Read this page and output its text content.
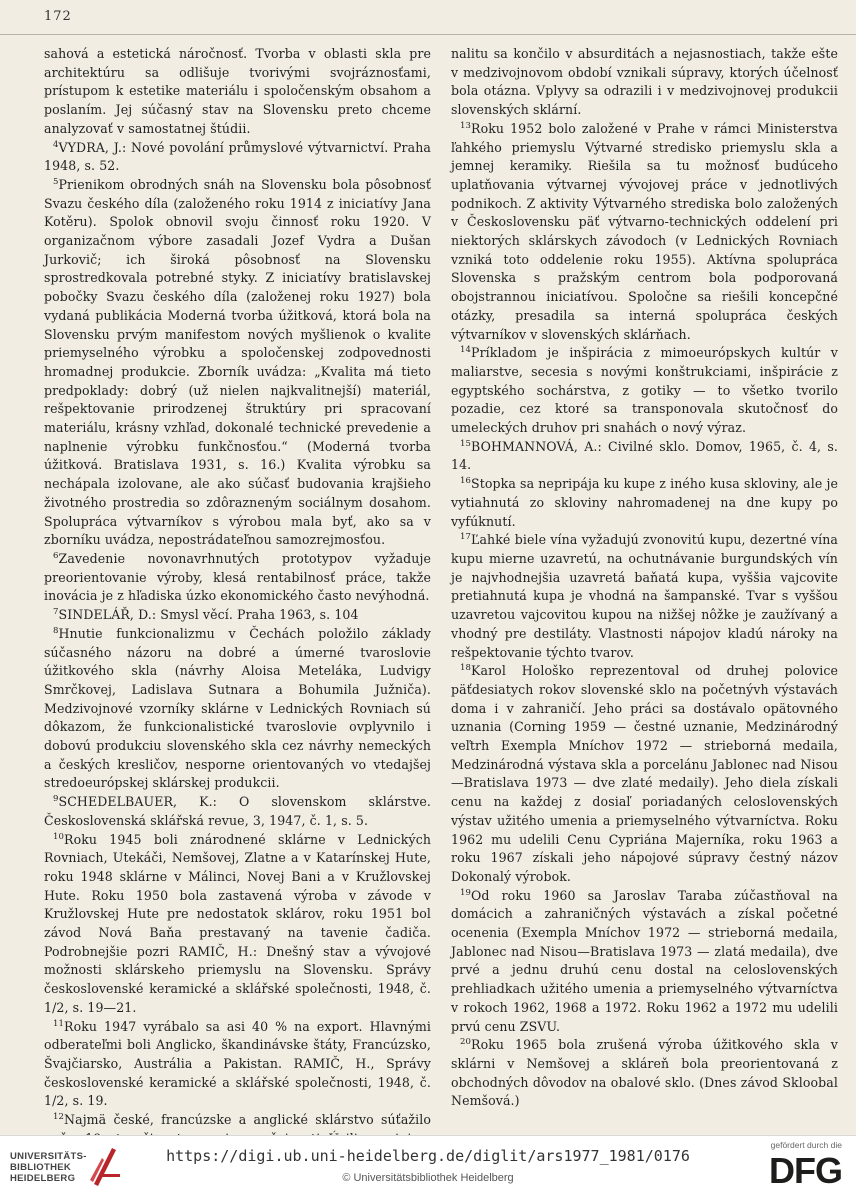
172

sahová a estetická náročnosť. Tvorba v oblasti skla pre architektúru sa odlišuje tvorivými svojráznosťami, prístupom k estetike materiálu i spoločenským obsahom a poslaním. Jej súčasný stav na Slovensku preto chceme analyzovať v samostatnej štúdii.

$^4$VYDRA, J.: Nové povolání průmyslové výtvarnictví. Praha 1948, s. 52.

$^5$Prienikom obrodných snáh na Slovensku bola pôsobnosť Svazu českého díla (založeného roku 1914 z iniciatívy Jana Kotěru). Spolok obnovil svoju činnosť roku 1920. V organizačnom výbore zasadali Jozef Vydra a Dušan Jurkovič; ich široká pôsobnosť na Slovensku sprostredkovala potrebné styky. Z iniciatívy bratislavskej pobočky Svazu českého díla (založenej roku 1927) bola vydaná publikácia Moderná tvorba úžitková, ktorá bola na Slovensku prvým manifestom nových myšlienok o kvalite priemyselného výrobku a spoločenskej zodpovednosti hromadnej produkcie. Zborník uvádza: „Kvalita má tieto predpoklady: dobrý (už nielen najkvalitnejší) materiál, rešpektovanie prirodzenej štruktúry pri spracovaní materiálu, krásny vzhľad, dokonalé technické prevedenie a naplnenie výrobku funkčnosťou.“ (Moderná tvorba úžitková. Bratislava 1931, s. 16.) Kvalita výrobku sa nechápala izolovane, ale ako súčasť budovania krajšieho životného prostredia so zdôrazneným sociálnym dosahom. Spolupráca výtvarníkov s výrobou mala byť, ako sa v zborníku uvádza, nepostrádateľnou samozrejmosťou.

$^6$Zavedenie novonavrhnutých prototypov vyžaduje preorientovanie výroby, klesá rentabilnosť práce, takže inovácia je z hľadiska úzko ekonomického často nevýhodná.

$^7$SINDELÁŘ, D.: Smysl věcí. Praha 1963, s. 104

$^8$Hnutie funkcionalizmu v Čechách položilo základy súčasného názoru na dobré a úmerné tvaroslovie úžitkového skla (návrhy Aloisa Meteláka, Ludvigy Smrčkovej, Ladislava Sutnara a Bohumila Južniča). Medzivojnové vzorníky sklárne v Lednických Rovniach sú dôkazom, že funkcionalistické tvaroslovie ovplyvnilo i dobovú produkciu slovenského skla cez návrhy nemeckých a českých kresličov, nesporne orientovaných vo vtedajšej stredoeurópskej sklárskej produkcii.

$^9$SCHEDELBAUER, K.: O slovenskom sklárstve. Československá sklářská revue, 3, 1947, č. 1, s. 5.

$^{10}$Roku 1945 boli znárodnené sklárne v Lednických Rovniach, Utekáči, Nemšovej, Zlatne a v Katarínskej Hute, roku 1948 sklárne v Málinci, Novej Bani a v Kružlovskej Hute. Roku 1950 bola zastavená výroba v závode v Kružlovskej Hute pre nedostatok sklárov, roku 1951 bol závod Nová Baňa prestavaný na tavenie čadiča. Podrobnejšie pozri RAMIČ, H.: Dnešný stav a vývojové možnosti sklárskeho priemyslu na Slovensku. Správy československé keramické a sklářské společnosti, 1948, č. 1/2, s. 19—21.

$^{11}$Roku 1947 vyrábalo sa asi 40 % na export. Hlavnými odberateľmi boli Anglicko, škandinávske štáty, Francúzsko, Švajčiarsko, Austrália a Pakistan. RAMIČ, H., Správy československé keramické a sklářské společnosti, 1948, č. 1/2, s. 19.

$^{12}$Najmä české, francúzske a anglické sklárstvo súťažilo

nalitu sa končilo v absurditách a nejasnostiach, takže ešte v medzivojnovom období vznikali súpravy, ktorých účelnosť bola otázna. Vplyvy sa odrazili i v medzivojnovej produkcii slovenských sklární.

$^{13}$Roku 1952 bolo založené v Prahe v rámci Ministerstva ľahkého priemyslu Výtvarné stredisko priemyslu skla a jemnej keramiky. Riešila sa tu možnosť budúceho uplatňovania výtvarnej vývojovej práce v jednotlivých podnikoch. Z aktivity Výtvarného strediska bolo založených v Československu päť výtvarno-technických oddelení pri niektorých sklárskych závodoch (v Lednických Rovniach vzniká toto oddelenie roku 1955). Aktívna spolupráca Slovenska s pražským centrom bola podporovaná obojstrannou iniciatívou. Spoločne sa riešili koncepčné otázky, presadila sa interná spolupráca českých výtvarníkov v slovenských sklárňach.

$^{14}$Príkladom je inšpirácia z mimoeurópskych kultúr v maliarstve, secesia s novými konštrukciami, inšpirácie z egyptského sochárstva, z gotiky — to všetko tvorilo pozadie, cez ktoré sa transponovala skutočnosť do umeleckých druhov pri snahách o nový výraz.

$^{15}$BOHMANNOVÁ, A.: Civilné sklo. Domov, 1965, č. 4, s. 14.

$^{16}$Stopka sa nepripája ku kupe z iného kusa skloviny, ale je vytiahnutá zo skloviny nahromadenej na dne kupy po vyfúknutí.

$^{17}$Ľahké biele vína vyžadujú zvonovitú kupu, dezertné vína kupu mierne uzavretú, na ochutnávanie burgundských vín je najvhodnejšia uzavretá baňatá kupa, vyššia vajcovite pretiahnutá kupa je vhodná na šampanské. Tvar s vyššou uzavretou vajcovitou kupou na nižšej nôžke je zaužívaný a vhodný pre destiláty. Vlastnosti nápojov kladú nároky na rešpektovanie týchto tvarov.

$^{18}$Karol Hološko reprezentoval od druhej polovice päťdesiatych rokov slovenské sklo na početnývh výstavách doma i v zahraničí. Jeho práci sa dostávalo opätovného uznania (Corning 1959 — čestné uznanie, Medzinárodný veľtrh Exempla Mníchov 1972 — strieborná medaila, Medzinárodná výstava skla a porcelánu Jablonec nad Nisou—Bratislava 1973 — dve zlaté medaily). Jeho diela získali cenu na každej z dosiaľ poriadaných celoslovenských výstav užitého umenia a priemyselného výtvarníctva. Roku 1962 mu udelili Cenu Cypriána Majerníka, roku 1963 a roku 1967 získali jeho nápojové súpravy čestný názov Dokonalý výrobok.

$^{19}$Od roku 1960 sa Jaroslav Taraba zúčastňoval na domácich a zahraničných výstavách a získal početné ocenenia (Exempla Mníchov 1972 — strieborná medaila, Jablonec nad Nisou—Bratislava 1973 — zlatá medaila), dve prvé a jednu druhú cenu dostal na celoslovenských prehliadkach užitého umenia a priemyselného výtvarníctva v rokoch 1962, 1968 a 1972. Roku 1962 a 1972 mu udelili prvú cenu ZSVU.

$^{20}$Roku 1965 bola zrušená výroba úžitkového skla v sklárni v Nemšovej a skláreň bola preorientovaná z obchodných dôvodov na obalové sklo. (Dnes závod Skloobal Nemšová.)

UNIVERSITÄTS-
BIBLIOTHEK
HEIDELBERG
https://digi.ub.uni-heidelberg.de/diglit/ars1977_1981/0176
© Universitätsbibliothek Heidelberg
gefördert durch die
DFG
